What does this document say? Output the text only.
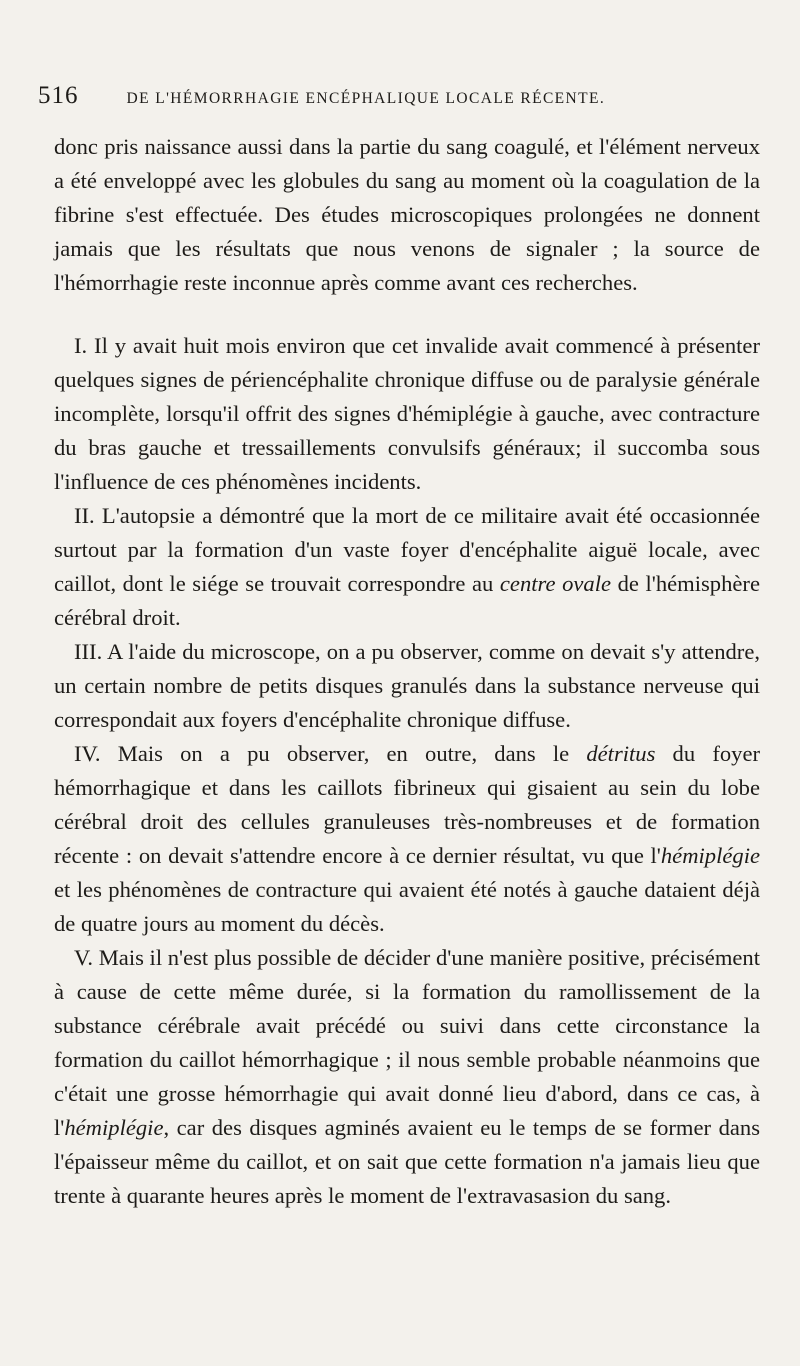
516	DE L'HÉMORRHAGIE ENCÉPHALIQUE LOCALE RÉCENTE.

donc pris naissance aussi dans la partie du sang coagulé, et l'élément nerveux a été enveloppé avec les globules du sang au moment où la coagulation de la fibrine s'est effectuée. Des études microscopiques prolongées ne donnent jamais que les résultats que nous venons de signaler ; la source de l'hémorrhagie reste inconnue après comme avant ces recherches.

I. Il y avait huit mois environ que cet invalide avait commencé à présenter quelques signes de périencéphalite chronique diffuse ou de paralysie générale incomplète, lorsqu'il offrit des signes d'hémiplégie à gauche, avec contracture du bras gauche et tressaillements convulsifs généraux; il succomba sous l'influence de ces phénomènes incidents.

II. L'autopsie a démontré que la mort de ce militaire avait été occasionnée surtout par la formation d'un vaste foyer d'encéphalite aiguë locale, avec caillot, dont le siége se trouvait correspondre au centre ovale de l'hémisphère cérébral droit.

III. A l'aide du microscope, on a pu observer, comme on devait s'y attendre, un certain nombre de petits disques granulés dans la substance nerveuse qui correspondait aux foyers d'encéphalite chronique diffuse.

IV. Mais on a pu observer, en outre, dans le détritus du foyer hémorrhagique et dans les caillots fibrineux qui gisaient au sein du lobe cérébral droit des cellules granuleuses très-nombreuses et de formation récente : on devait s'attendre encore à ce dernier résultat, vu que l'hémiplégie et les phénomènes de contracture qui avaient été notés à gauche dataient déjà de quatre jours au moment du décès.

V. Mais il n'est plus possible de décider d'une manière positive, précisément à cause de cette même durée, si la formation du ramollissement de la substance cérébrale avait précédé ou suivi dans cette circonstance la formation du caillot hémorrhagique ; il nous semble probable néanmoins que c'était une grosse hémorrhagie qui avait donné lieu d'abord, dans ce cas, à l'hémiplégie, car des disques agminés avaient eu le temps de se former dans l'épaisseur même du caillot, et on sait que cette formation n'a jamais lieu que trente à quarante heures après le moment de l'extravasasion du sang.
